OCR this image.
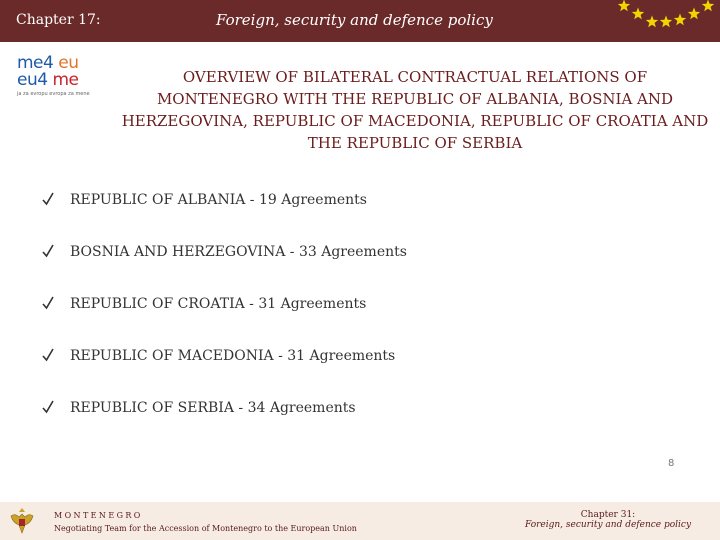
Chapter 17:	Foreign, security and defence policy
me4 eu
eu4 me
ja za evropu evropa za mene
OVERVIEW OF BILATERAL CONTRACTUAL RELATIONS OF MONTENEGRO WITH THE REPUBLIC OF ALBANIA, BOSNIA AND HERZEGOVINA, REPUBLIC OF MACEDONIA, REPUBLIC OF CROATIA AND THE REPUBLIC OF SERBIA
REPUBLIC OF ALBANIA - 19 Agreements
BOSNIA AND HERZEGOVINA - 33 Agreements
REPUBLIC OF CROATIA - 31 Agreements
REPUBLIC OF MACEDONIA - 31 Agreements
REPUBLIC OF SERBIA - 34 Agreements
8
MONTENEGRO
Negotiating Team for the Accession of Montenegro to the European Union
Chapter 31:
Foreign, security and defence policy
